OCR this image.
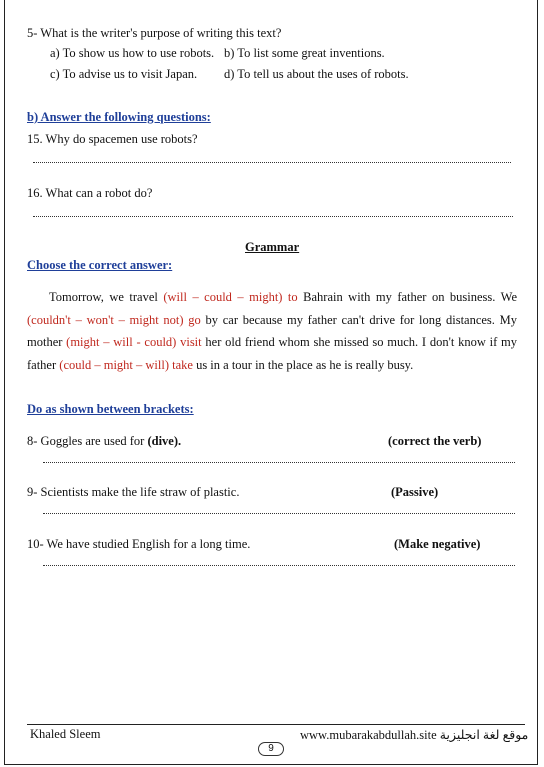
5- What is the writer's purpose of writing this text?
a) To show us how to use robots. b) To list some great inventions.
c) To advise us to visit Japan. d) To tell us about the uses of robots.
b) Answer the following questions:
15. Why do spacemen use robots?
16. What can a robot do?
Grammar
Choose the correct answer:
Tomorrow, we travel (will – could – might) to Bahrain with my father on business. We (couldn't – won't – might not) go by car because my father can't drive for long distances. My mother (might – will - could) visit her old friend whom she missed so much. I don't know if my father (could – might – will) take us in a tour in the place as he is really busy.
Do as shown between brackets:
8- Goggles are used for (dive).	(correct the verb)
9- Scientists make the life straw of plastic.	(Passive)
10- We have studied English for a long time.	(Make negative)
Khaled Sleem	www.mubarakabdullah.site موقع لغة انجليزية
9
